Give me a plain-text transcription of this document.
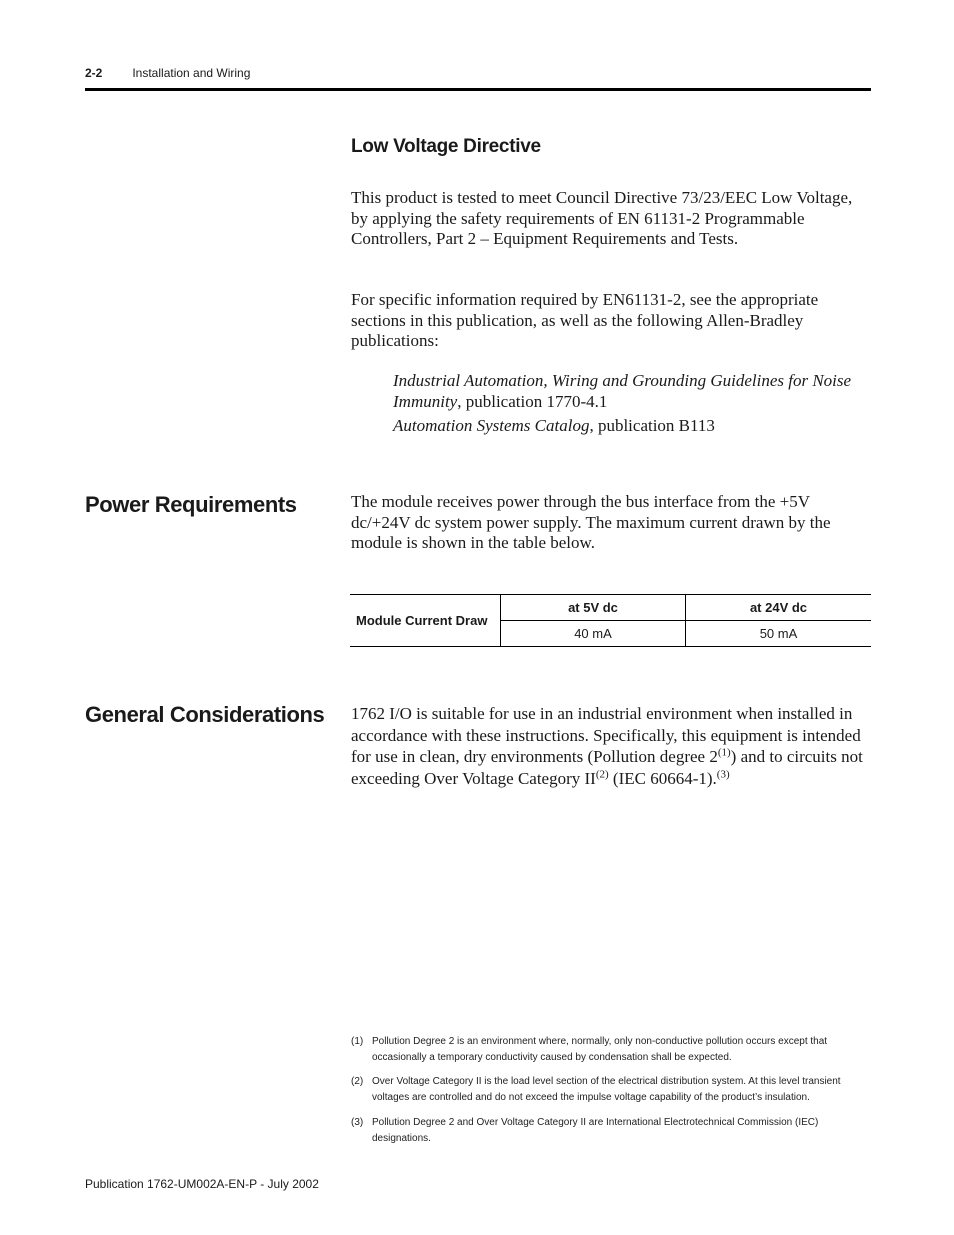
2-2	Installation and Wiring
Low Voltage Directive
This product is tested to meet Council Directive 73/23/EEC Low Voltage, by applying the safety requirements of EN 61131-2 Programmable Controllers, Part 2 – Equipment Requirements and Tests.
For specific information required by EN61131-2, see the appropriate sections in this publication, as well as the following Allen-Bradley publications:
Industrial Automation, Wiring and Grounding Guidelines for Noise Immunity, publication 1770-4.1
Automation Systems Catalog, publication B113
Power Requirements	The module receives power through the bus interface from the +5V dc/+24V dc system power supply. The maximum current drawn by the module is shown in the table below.
Module Current Draw	at 5V dc	at 24V dc
	40 mA	50 mA
General Considerations 1762 I/O is suitable for use in an industrial environment when installed in accordance with these instructions. Specifically, this equipment is intended for use in clean, dry environments (Pollution degree 2$^{(1)}$) and to circuits not exceeding Over Voltage Category II$^{(2)}$ (IEC 60664-1).$^{(3)}$
(1) Pollution Degree 2 is an environment where, normally, only non-conductive pollution occurs except that occasionally a temporary conductivity caused by condensation shall be expected.
(2) Over Voltage Category II is the load level section of the electrical distribution system. At this level transient voltages are controlled and do not exceed the impulse voltage capability of the product’s insulation.
(3) Pollution Degree 2 and Over Voltage Category II are International Electrotechnical Commission (IEC) designations.
Publication 1762-UM002A-EN-P - July 2002
